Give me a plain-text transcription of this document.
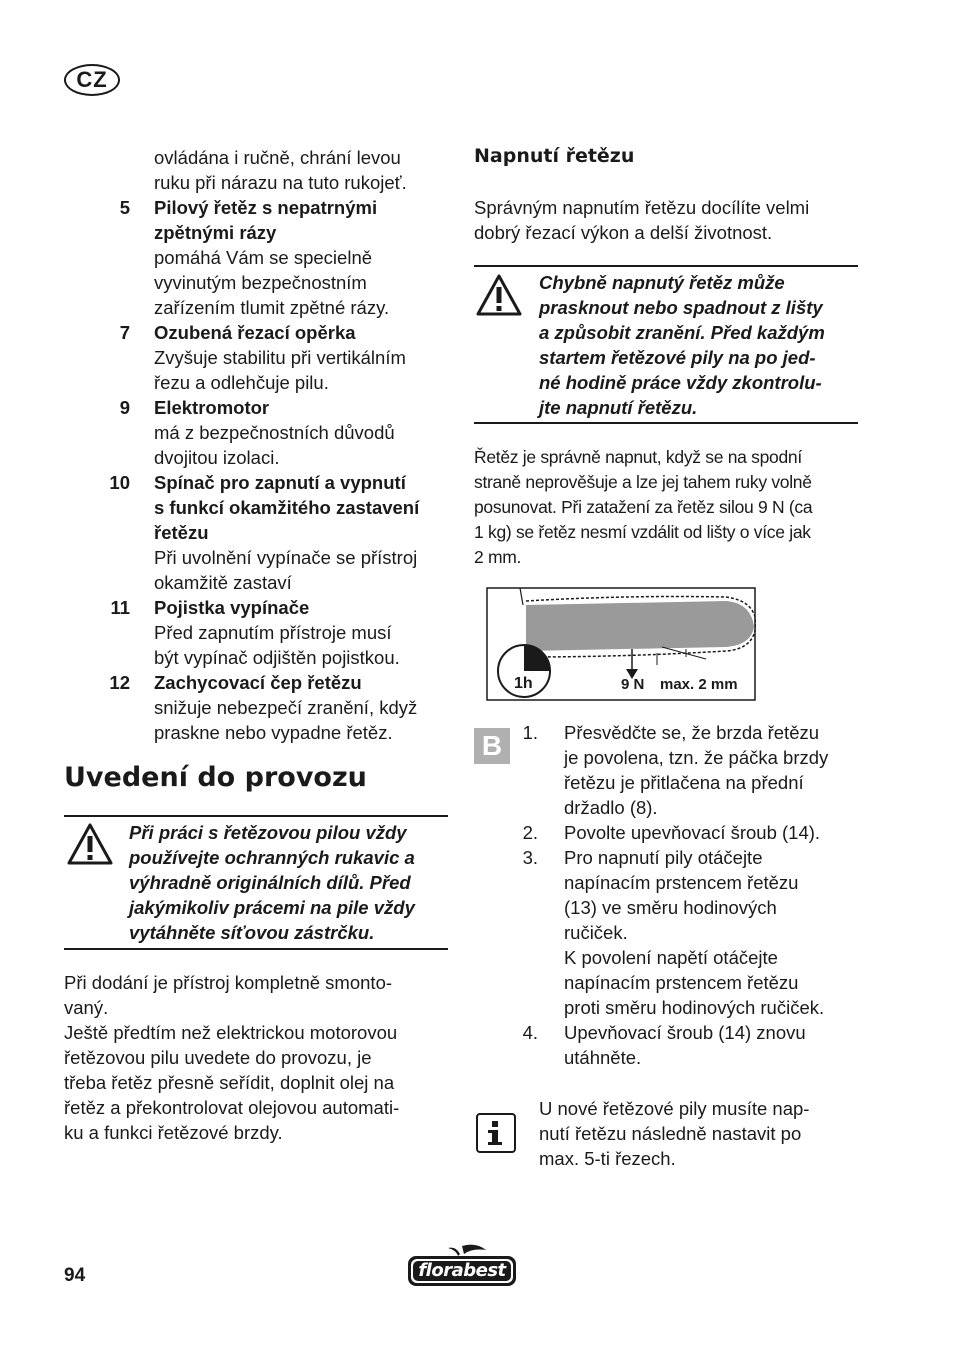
CZ
ovládána i ručně, chrání levou
ruku při nárazu na tuto rukojeť.
5 Pilový řetěz s nepatrnými
zpětnými rázy
pomáhá Vám se specielně
vyvinutým bezpečnostním
zařízením tlumit zpětné rázy.
7 Ozubená řezací opěrka
Zvyšuje stabilitu při vertikálním
řezu a odlehčuje pilu.
9 Elektromotor
má z bezpečnostních důvodů
dvojitou izolaci.
10 Spínač pro zapnutí a vypnutí
s funkcí okamžitého zastavení
řetězu
Při uvolnění vypínače se přístroj
okamžitě zastaví
11 Pojistka vypínače
Před zapnutím přístroje musí
být vypínač odjištěn pojistkou.
12 Zachycovací čep řetězu
snižuje nebezpečí zranění, když
praskne nebo vypadne řetěz.
Uvedení do provozu
Při práci s řetězovou pilou vždy
používejte ochranných rukavic a
výhradně originálních dílů. Před
jakýmikoliv prácemi na pile vždy
vytáhněte síťovou zástrčku.
Při dodání je přístroj kompletně smonto-
vaný.
Ještě předtím než elektrickou motorovou
řetězovou pilu uvedete do provozu, je
třeba řetěz přesně seřídit, doplnit olej na
řetěz a překontrolovat olejovou automati-
ku a funkci řetězové brzdy.
Napnutí řetězu
Správným napnutím řetězu docílíte velmi
dobrý řezací výkon a delší životnost.
Chybně napnutý řetěz může
prasknout nebo spadnout z lišty
a způsobit zranění. Před každým
startem řetězové pily na po jed-
né hodině práce vždy zkontrolu-
jte napnutí řetězu.
Řetěz je správně napnut, když se na spodní
straně neprověšuje a lze jej tahem ruky volně
posunovat. Při zatažení za řetěz silou 9 N (ca
1 kg) se řetěz nesmí vzdálit od lišty o více jak
2 mm.
1h	9 N max. 2 mm
B	1. Přesvědčte se, že brzda řetězu
je povolena, tzn. že páčka brzdy
řetězu je přitlačena na přední
držadlo (8).
2. Povolte upevňovací šroub (14).
3. Pro napnutí pily otáčejte
napínacím prstencem řetězu
(13) ve směru hodinových
ručiček.
K povolení napětí otáčejte
napínacím prstencem řetězu
proti směru hodinových ručiček.
4. Upevňovací šroub (14) znovu
utáhněte.
U nové řetězové pily musíte nap-
nutí řetězu následně nastavit po
max. 5-ti řezech.
94	florabest
